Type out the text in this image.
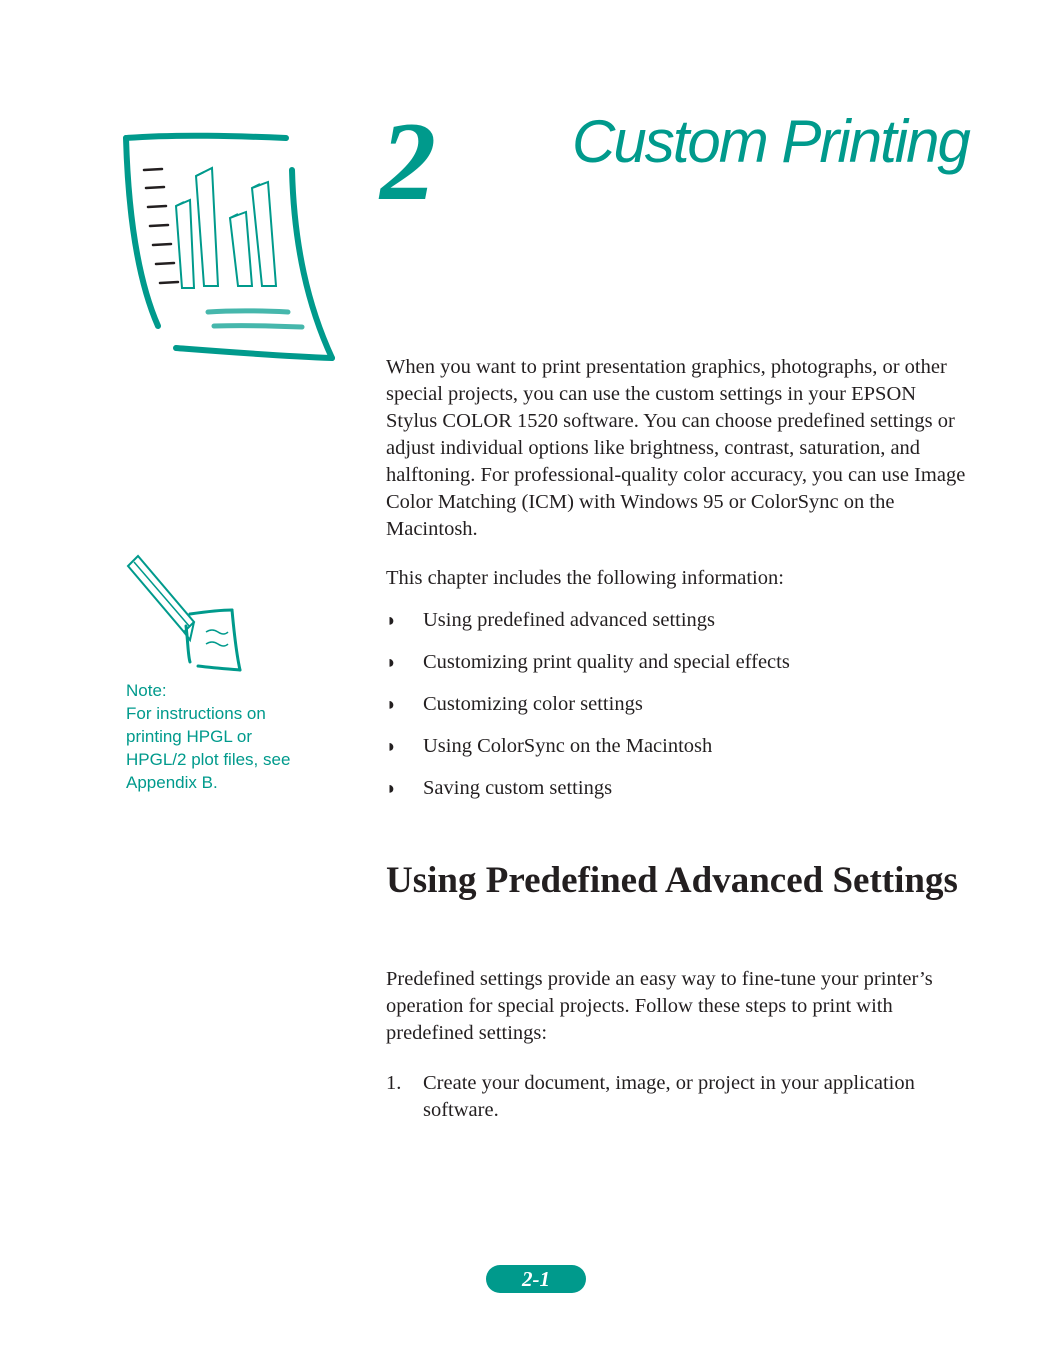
2 Custom Printing

When you want to print presentation graphics, photographs, or other special projects, you can use the custom settings in your EPSON Stylus COLOR 1520 software. You can choose predefined settings or adjust individual options like brightness, contrast, saturation, and halftoning. For professional-quality color accuracy, you can use Image Color Matching (ICM) with Windows 95 or ColorSync on the Macintosh.

Note:
For instructions on
printing HPGL or
HPGL/2 plot files, see
Appendix B.

This chapter includes the following information:

◗ Using predefined advanced settings
◗ Customizing print quality and special effects
◗ Customizing color settings
◗ Using ColorSync on the Macintosh
◗ Saving custom settings
Using Predefined Advanced Settings

Predefined settings provide an easy way to fine-tune your printer’s operation for special projects. Follow these steps to print with predefined settings:

1. Create your document, image, or project in your application software.
2-1
